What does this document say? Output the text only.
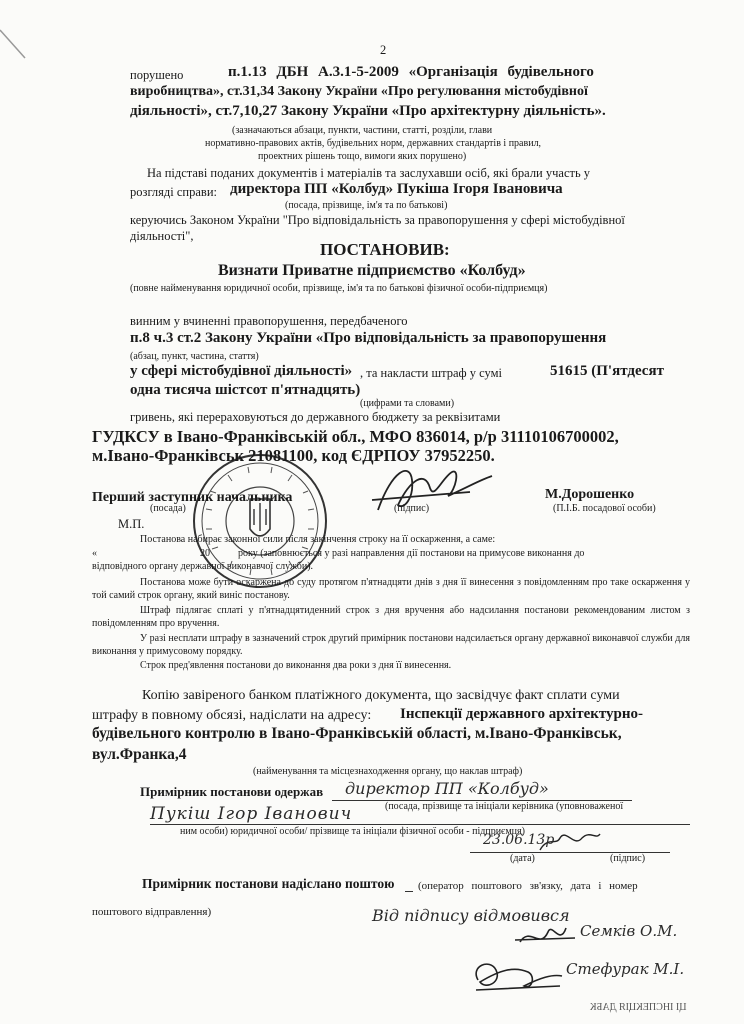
2
порушено	п.1.13 ДБН А.3.1-5-2009 «Організація будівельного
виробництва», ст.31,34 Закону України «Про регулювання містобудівної
діяльності», ст.7,10,27 Закону України «Про архітектурну діяльність».
(зазначаються абзаци, пункти, частини, статті, розділи, глави
нормативно-правових актів, будівельних норм, державних стандартів і правил,
проектних рішень тощо, вимоги яких порушено)
На підставі поданих документів і матеріалів та заслухавши осіб, які брали участь у
розгляді справи: директора ПП «Колбуд» Пукіша Ігоря Івановича
(посада, прізвище, ім'я та по батькові)
керуючись Законом України "Про відповідальність за правопорушення у сфері містобудівної
діяльності",
ПОСТАНОВИВ:
Визнати Приватне підприємство «Колбуд»
(повне найменування юридичної особи, прізвище, ім'я та по батькові фізичної особи-підприємця)
винним у вчиненні правопорушення, передбаченого
п.8 ч.3 ст.2 Закону України «Про відповідальність за правопорушення
(абзац, пункт, частина, стаття)
у сфері містобудівної діяльності» , та накласти штраф у сумі	51615 (П'ятдесят
одна тисяча шістсот п'ятнадцять)
(цифрами та словами)
гривень, які перераховуються до державного бюджету за реквізитами
ГУДКСУ в Івано-Франківській обл., МФО 836014, р/р 31110106700002,
м.Івано-Франківськ 21081100, код ЄДРПОУ 37952250.
Перший заступник начальника
(посада)	(підпис)
М.Дорошенко
(П.І.Б. посадової особи)
М.П.
Постанова набирає законної сили після закінчення строку на її оскарження, а саме:
«	20	року (заповнюється у разі направлення дії постанови на примусове виконання до
відповідного органу державної виконавчої служби).
Постанова може бути оскаржена до суду протягом п'ятнадцяти днів з дня її винесення з повідомленням про таке оскарження у той самий строк органу, який виніс постанову.
Штраф підлягає сплаті у п'ятнадцятиденний строк з дня вручення або надсилання постанови рекомендованим листом з повідомленням про вручення.
У разі несплати штрафу в зазначений строк другий примірник постанови надсилається органу державної виконавчої служби для виконання у примусовому порядку.
Строк пред'явлення постанови до виконання два роки з дня її винесення.
Копію завіреного банком платіжного документа, що засвідчує факт сплати суми
штрафу в повному обсязі, надіслати на адресу: Інспекції державного архітектурно-
будівельного контролю в Івано-Франківській області, м.Івано-Франківськ,
вул.Франка,4
(найменування та місцезнаходження органу, що наклав штраф)
Примірник постанови одержав директор ПП «Колбуд»
(посада, прізвище та ініціали керівника (уповноваженої
Пукіш Ігор Іванович
ним особи) юридичної особи/ прізвище та ініціали фізичної особи - підприємця)
23.06.13р
(дата)	(підпис)
Примірник постанови надіслано поштою (оператор поштового зв'язку, дата і номер
поштового відправлення)	Від підпису відмовився
Семків О.М.
Стефурак М.І.
ЦІ ІНСПЕКЦІЯ ДАБК
